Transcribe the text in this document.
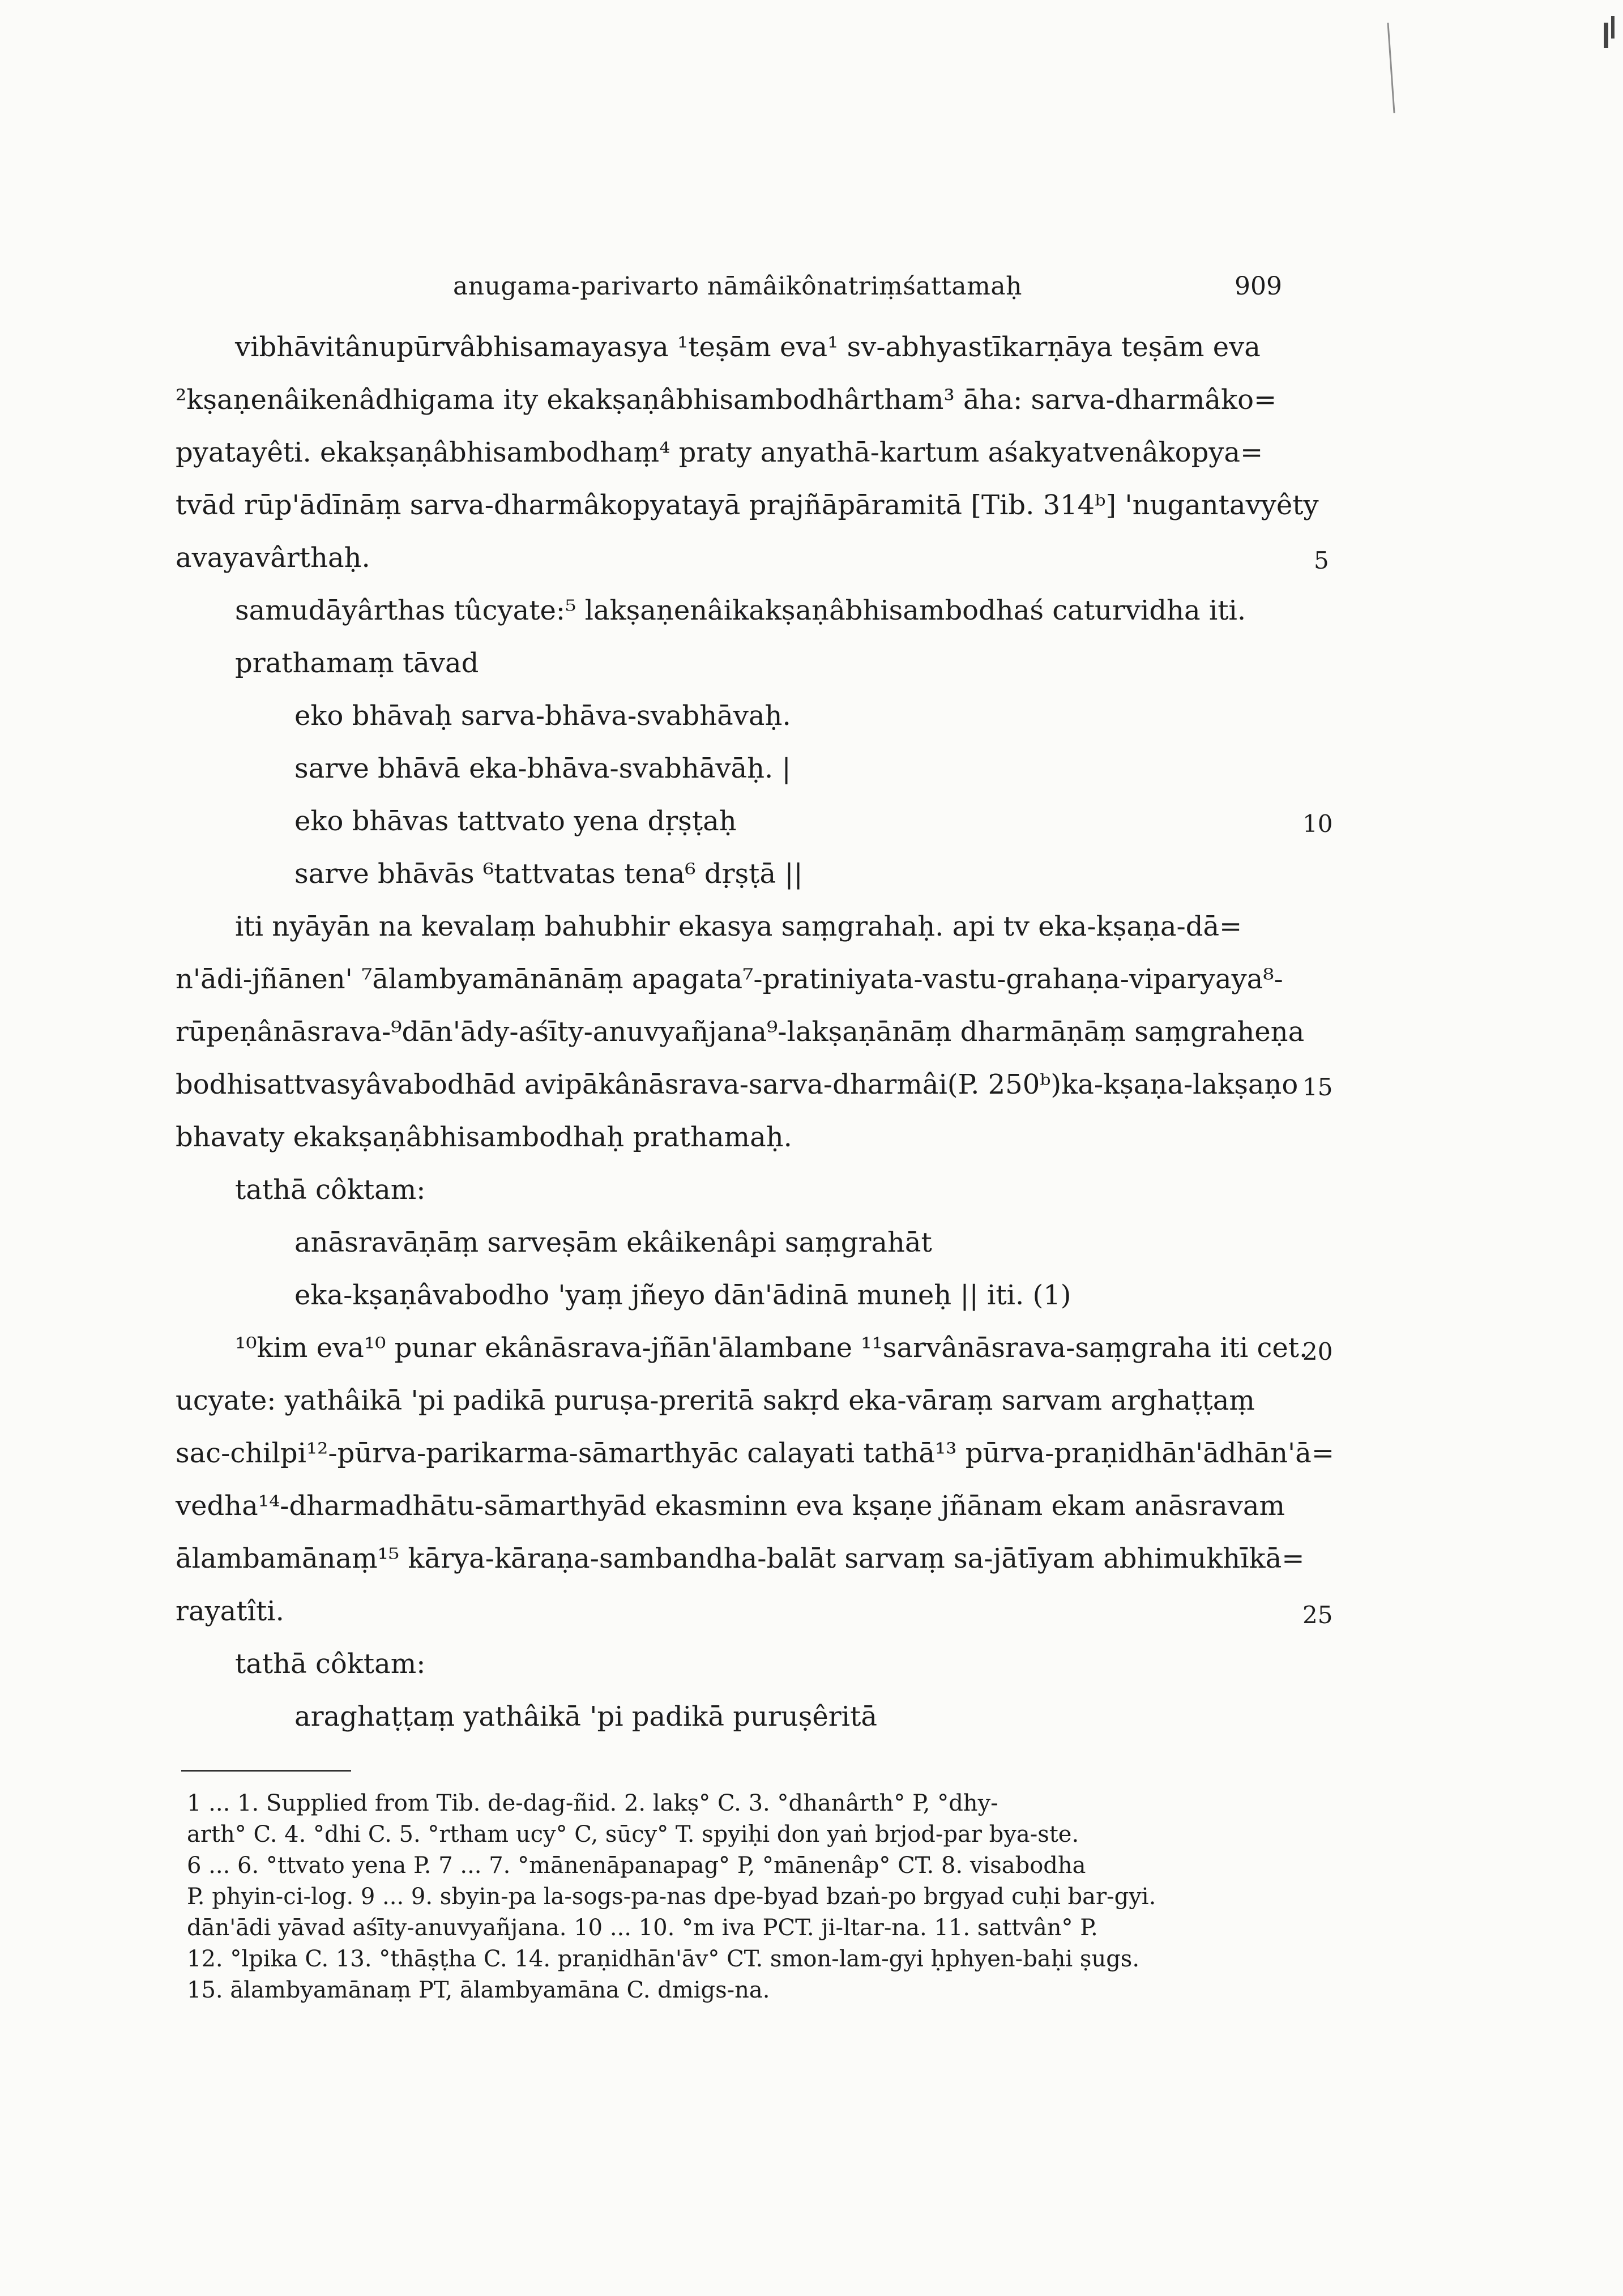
anugama-parivarto nāmâikônatriṃśattamaḥ	909
vibhāvitânupūrvâbhisamayasya ¹teṣām eva¹ sv-abhyastīkarṇāya teṣām eva
²kṣaṇenâikenâdhigama ity ekakṣaṇâbhisambodhârtham³ āha: sarva-dharmâko=
pyatayêti. ekakṣaṇâbhisambodhaṃ⁴ praty anyathā-kartum aśakyatvenâkopya=
tvād rūp'ādīnāṃ sarva-dharmâkopyatayā prajñāpāramitā [Tib. 314ᵇ] 'nugantavyêty
avayavârthaḥ.
samudāyârthas tûcyate:⁵ lakṣaṇenâikakṣaṇâbhisambodhaś caturvidha iti.
prathamaṃ tāvad
eko bhāvaḥ sarva-bhāva-svabhāvaḥ.
sarve bhāvā eka-bhāva-svabhāvāḥ. |
eko bhāvas tattvato yena dṛṣṭaḥ
sarve bhāvās ⁶tattvatas tena⁶ dṛṣṭā ||
iti nyāyān na kevalaṃ bahubhir ekasya saṃgrahaḥ. api tv eka-kṣaṇa-dā=
n'ādi-jñānen' ⁷ālambyamānānāṃ apagata⁷-pratiniyata-vastu-grahaṇa-viparyaya⁸-
rūpeṇânāsrava-⁹dān'ādy-aśīty-anuvyañjana⁹-lakṣaṇānāṃ dharmāṇāṃ saṃgraheṇa
bodhisattvasyâvabodhād avipākânāsrava-sarva-dharmâi(P. 250ᵇ)ka-kṣaṇa-lakṣaṇo
bhavaty ekakṣaṇâbhisambodhaḥ prathamaḥ.
tathā côktam:
anāsravāṇāṃ sarveṣām ekâikenâpi saṃgrahāt
eka-kṣaṇâvabodho 'yaṃ jñeyo dān'ādinā muneḥ || iti. (1)
¹⁰kim eva¹⁰ punar ekânāsrava-jñān'ālambane ¹¹sarvânāsrava-saṃgraha iti cet.
ucyate: yathâikā 'pi padikā puruṣa-preritā sakṛd eka-vāraṃ sarvam arghaṭṭaṃ
sac-chilpi¹²-pūrva-parikarma-sāmarthyāc calayati tathā¹³ pūrva-praṇidhān'ādhān'ā=
vedha¹⁴-dharmadhātu-sāmarthyād ekasminn eva kṣaṇe jñānam ekam anāsravam
ālambamānaṃ¹⁵ kārya-kāraṇa-sambandha-balāt sarvaṃ sa-jātīyam abhimukhīkā=
rayatîti.
tathā côktam:
araghaṭṭaṃ yathâikā 'pi padikā puruṣêritā
5
10
15
20
25
1 ... 1. Supplied from Tib. de-dag-ñid. 2. lakṣ° C. 3. °dhanârth° P, °dhy-
arth° C. 4. °dhi C. 5. °rtham ucy° C, sūcy° T. spyiḥi don yaṅ brjod-par bya-ste.
6 ... 6. °ttvato yena P. 7 ... 7. °mānenāpanapag° P, °mānenâp° CT. 8. visabodha
P. phyin-ci-log. 9 ... 9. sbyin-pa la-sogs-pa-nas dpe-byad bzaṅ-po brgyad cuḥi bar-gyi.
dān'ādi yāvad aśīty-anuvyañjana. 10 ... 10. °m iva PCT. ji-ltar-na. 11. sattvân° P.
12. °lpika C. 13. °thāṣṭha C. 14. praṇidhān'āv° CT. smon-lam-gyi ḥphyen-baḥi ṣugs.
15. ālambyamānaṃ PT, ālambyamāna C. dmigs-na.
